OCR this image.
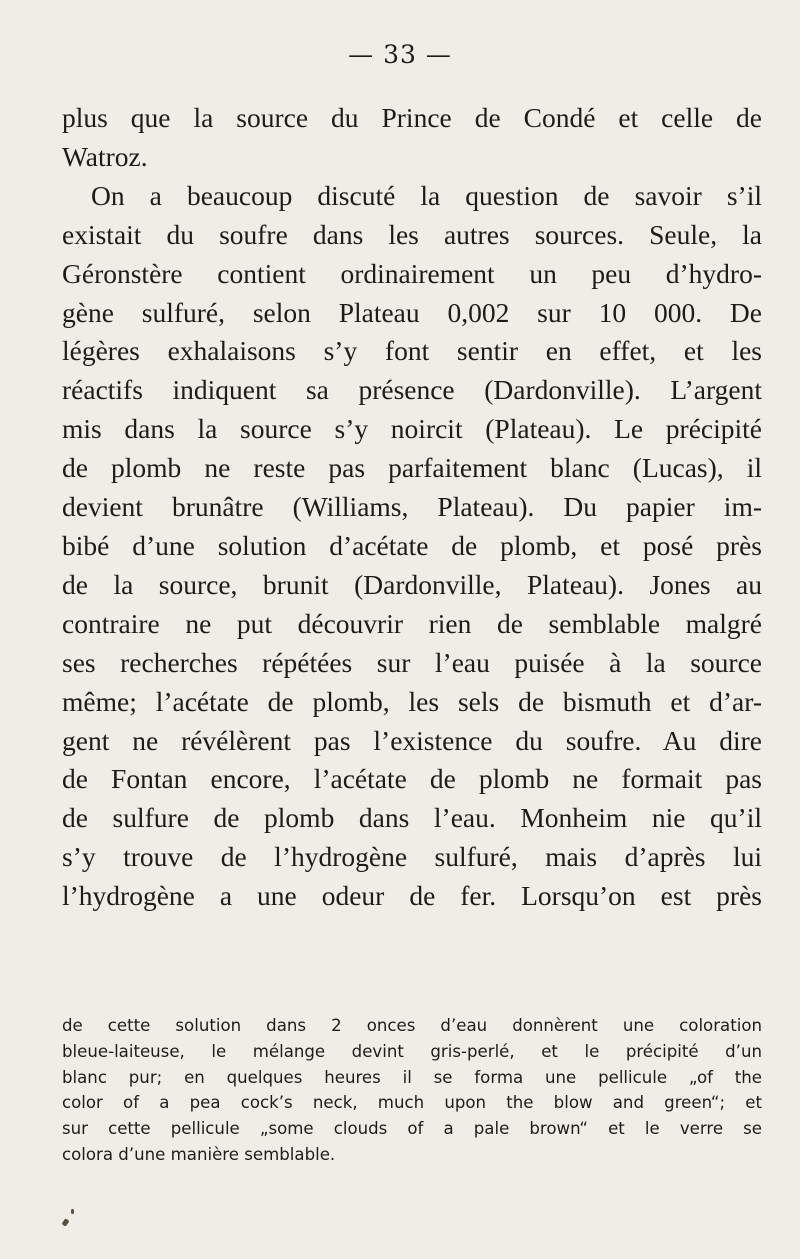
— 33 —
plus que la source du Prince de Condé et celle de
Watroz.
On a beaucoup discuté la question de savoir s’il
existait du soufre dans les autres sources. Seule, la
Géronstère contient ordinairement un peu d’hydro-
gène sulfuré, selon Plateau 0,002 sur 10 000. De
légères exhalaisons s’y font sentir en effet, et les
réactifs indiquent sa présence (Dardonville). L’argent
mis dans la source s’y noircit (Plateau). Le précipité
de plomb ne reste pas parfaitement blanc (Lucas), il
devient brunâtre (Williams, Plateau). Du papier im-
bibé d’une solution d’acétate de plomb, et posé près
de la source, brunit (Dardonville, Plateau). Jones au
contraire ne put découvrir rien de semblable malgré
ses recherches répétées sur l’eau puisée à la source
même; l’acétate de plomb, les sels de bismuth et d’ar-
gent ne révélèrent pas l’existence du soufre. Au dire
de Fontan encore, l’acétate de plomb ne formait pas
de sulfure de plomb dans l’eau. Monheim nie qu’il
s’y trouve de l’hydrogène sulfuré, mais d’après lui
l’hydrogène a une odeur de fer. Lorsqu’on est près
de cette solution dans 2 onces d’eau donnèrent une coloration
bleue-laiteuse, le mélange devint gris-perlé, et le précipité d’un
blanc pur; en quelques heures il se forma une pellicule „of the
color of a pea cock’s neck, much upon the blow and green“; et
sur cette pellicule „some clouds of a pale brown“ et le verre se
colora d’une manière semblable.
